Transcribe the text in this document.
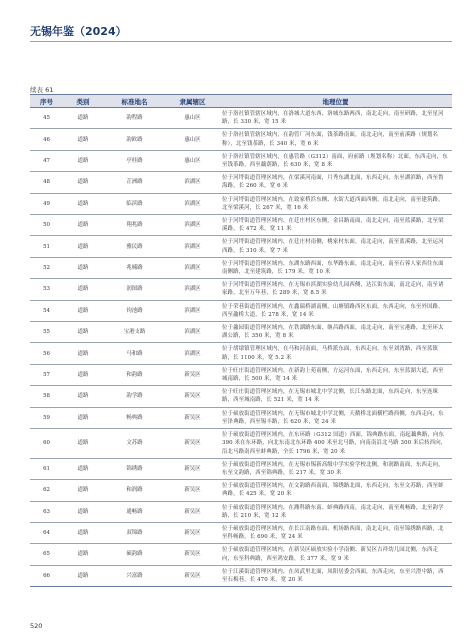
无锡年鉴（2024）
续表 61
序号	类别	标准地名	隶属辖区	地理位置
45	道路	韵程路	惠山区	位于洛社镇管辖区域内，在洛城大道东西、洛城东路两西，南北走向，南至研路，北至星河路，长 330 米，宽 15 米
46	道路	韵欧路	惠山区	位于洛社镇管辖区域内，在韵管厂河东面，钱茶路南面，南北走向，南至前溪路（规划名称），北至钱茶路，长 340 米，宽 6 米
47	道路	亭桂路	惠山区	位于洛社镇管辖区域内，在惠管路（G312）南面，府前路（规划名称）北面，东西走向，东至钱茶路，西至藕荫路，长 630 米，宽 8 米
48	道路	芷洲路	滨湖区	位于河埒街道管理区域内，在梁溪河南面，月秀东湖北面，东西走向，东至湖滨路，西至鲁海路，长 260 米，宽 6 米
49	道路	临滨路	滨湖区	位于河埒街道管理区域内，在致家桥浜东侧、水街大道西面西侧，南北走向，南至建筑路，北至梁溪河，长 267 米，宽 16 米
50	道路	翔兆路	滨湖区	位于河埒街道管理区域内，在廷庄村区东侧，金昌路南面，南北走向，南至蓝溪路，北至梁溪路，长 472 米，宽 11 米
51	道路	雅民路	滨湖区	位于河埒街道管理区域内，在廷庄村南侧，桃家村东面，南北走向，南至蓝溪路，北至运河西路，长 310 米，宽 7 米
52	道路	兆楠路	滨湖区	位于河埒街道管理区域内，东湖东路西面，东华路东面，南北走向，南至石蓉人家西住东面南侧路，北至建筑路，长 179 米，宽 10 米
53	道路	润图路	滨湖区	位于河埒街道管理区域内，在无锡市滨湖实验幼儿园西侧，达江街东面，南北走向，南至诸家路，北至万年巷，长 289 米，宽 8.5 米
54	道路	钧池路	滨湖区	位于荣巷街道管理区域内，在鑫瑞桥湖南侧，山塘镇路西区东面，东西走向，东至外国路，西至蠡桥大道，长 278 米，宽 14 米
55	道路	宝港支路	滨湖区	位于蠡园街道管理区域内，在铁湖路东面、继昌路西面，南北走向，南至宝港路，北至环太湖公路，长 350 米，宽 8 米
56	道路	马和路	滨湖区	位于胡埭镇管理区域内，在马和河南面，马桥派东面，东西走向，东至刘湾路，西至蓝镇路，长 1100 米，宽 5.2 米
57	道路	和韵路	新吴区	位于旺庄街道管理区域内，在新韵上苑南侧，方运河东面，东西走向，东至蓝湖大道，西至城南路，长 500 米，宽 14 米
58	道路	韵学路	新吴区	位于旺庄街道管理区域内，在无锡市城北中学北侧，长江东路北面，东西走向，东至连珠路，西至城南路，长 521 米，宽 14 米
59	道路	畅典路	新吴区	位于硕放街道管理区域内，在无锡市城北中学北侧，天鹅桥北面横栏路西侧，东西走向，东至泽典路，西至锡丰路，长 620 米，宽 24 米
60	道路	文苏路	新吴区	位于硕放街道管理区域内，在东环路（G312 国道）西面，锦典路东面，南起藕典路，向东 390 米在东环路，向北东南北东环路 400 米至北马路，向南南沿北马路 300 米后转西向，沿北马路南西至蚌典路，全长 1796 米，宽 20 米
61	道路	锦绣路	新吴区	位于硕放街道管理区域内，在无锡市锡新高级中学实验学校北侧，和润路南面，东西走向，东至文韵路，西至锦典路，长 217 米，宽 30 米
62	道路	和润路	新吴区	位于硕放街道管理区域内，在文韵路西南面，锦绣路北面，东西走向，东至文苏路，西至蚌典路，长 425 米，宽 20 米
63	道路	通畅路	新吴区	位于硕放街道管理区域内，在潍科路东南、蚌典路西南，南北走向，南至观畅路，北至韵学路，长 210 米，宽 12 米
64	道路	双锦路	新吴区	位于硕放街道管理区域内，在长江南路东面、机场路西面，南北走向，南至锦绣路西路，北至科畅路，长 690 米，宽 24 米
65	道路	硕韵路	新吴区	位于硕放街道管理区域内，在新吴区硕放实验小学南侧、新吴区吉祥幼儿园北侧，东西走向，东至科典路，西至鸿安路，长 377 米，宽 9 米
66	道路	兴富路	新吴区	位于江溪街道管理区域内，在凤武里北面，凤阳居委会西面，东西走向，东至兴澄中路，西至石梅巷，长 470 米，宽 20 米
520
